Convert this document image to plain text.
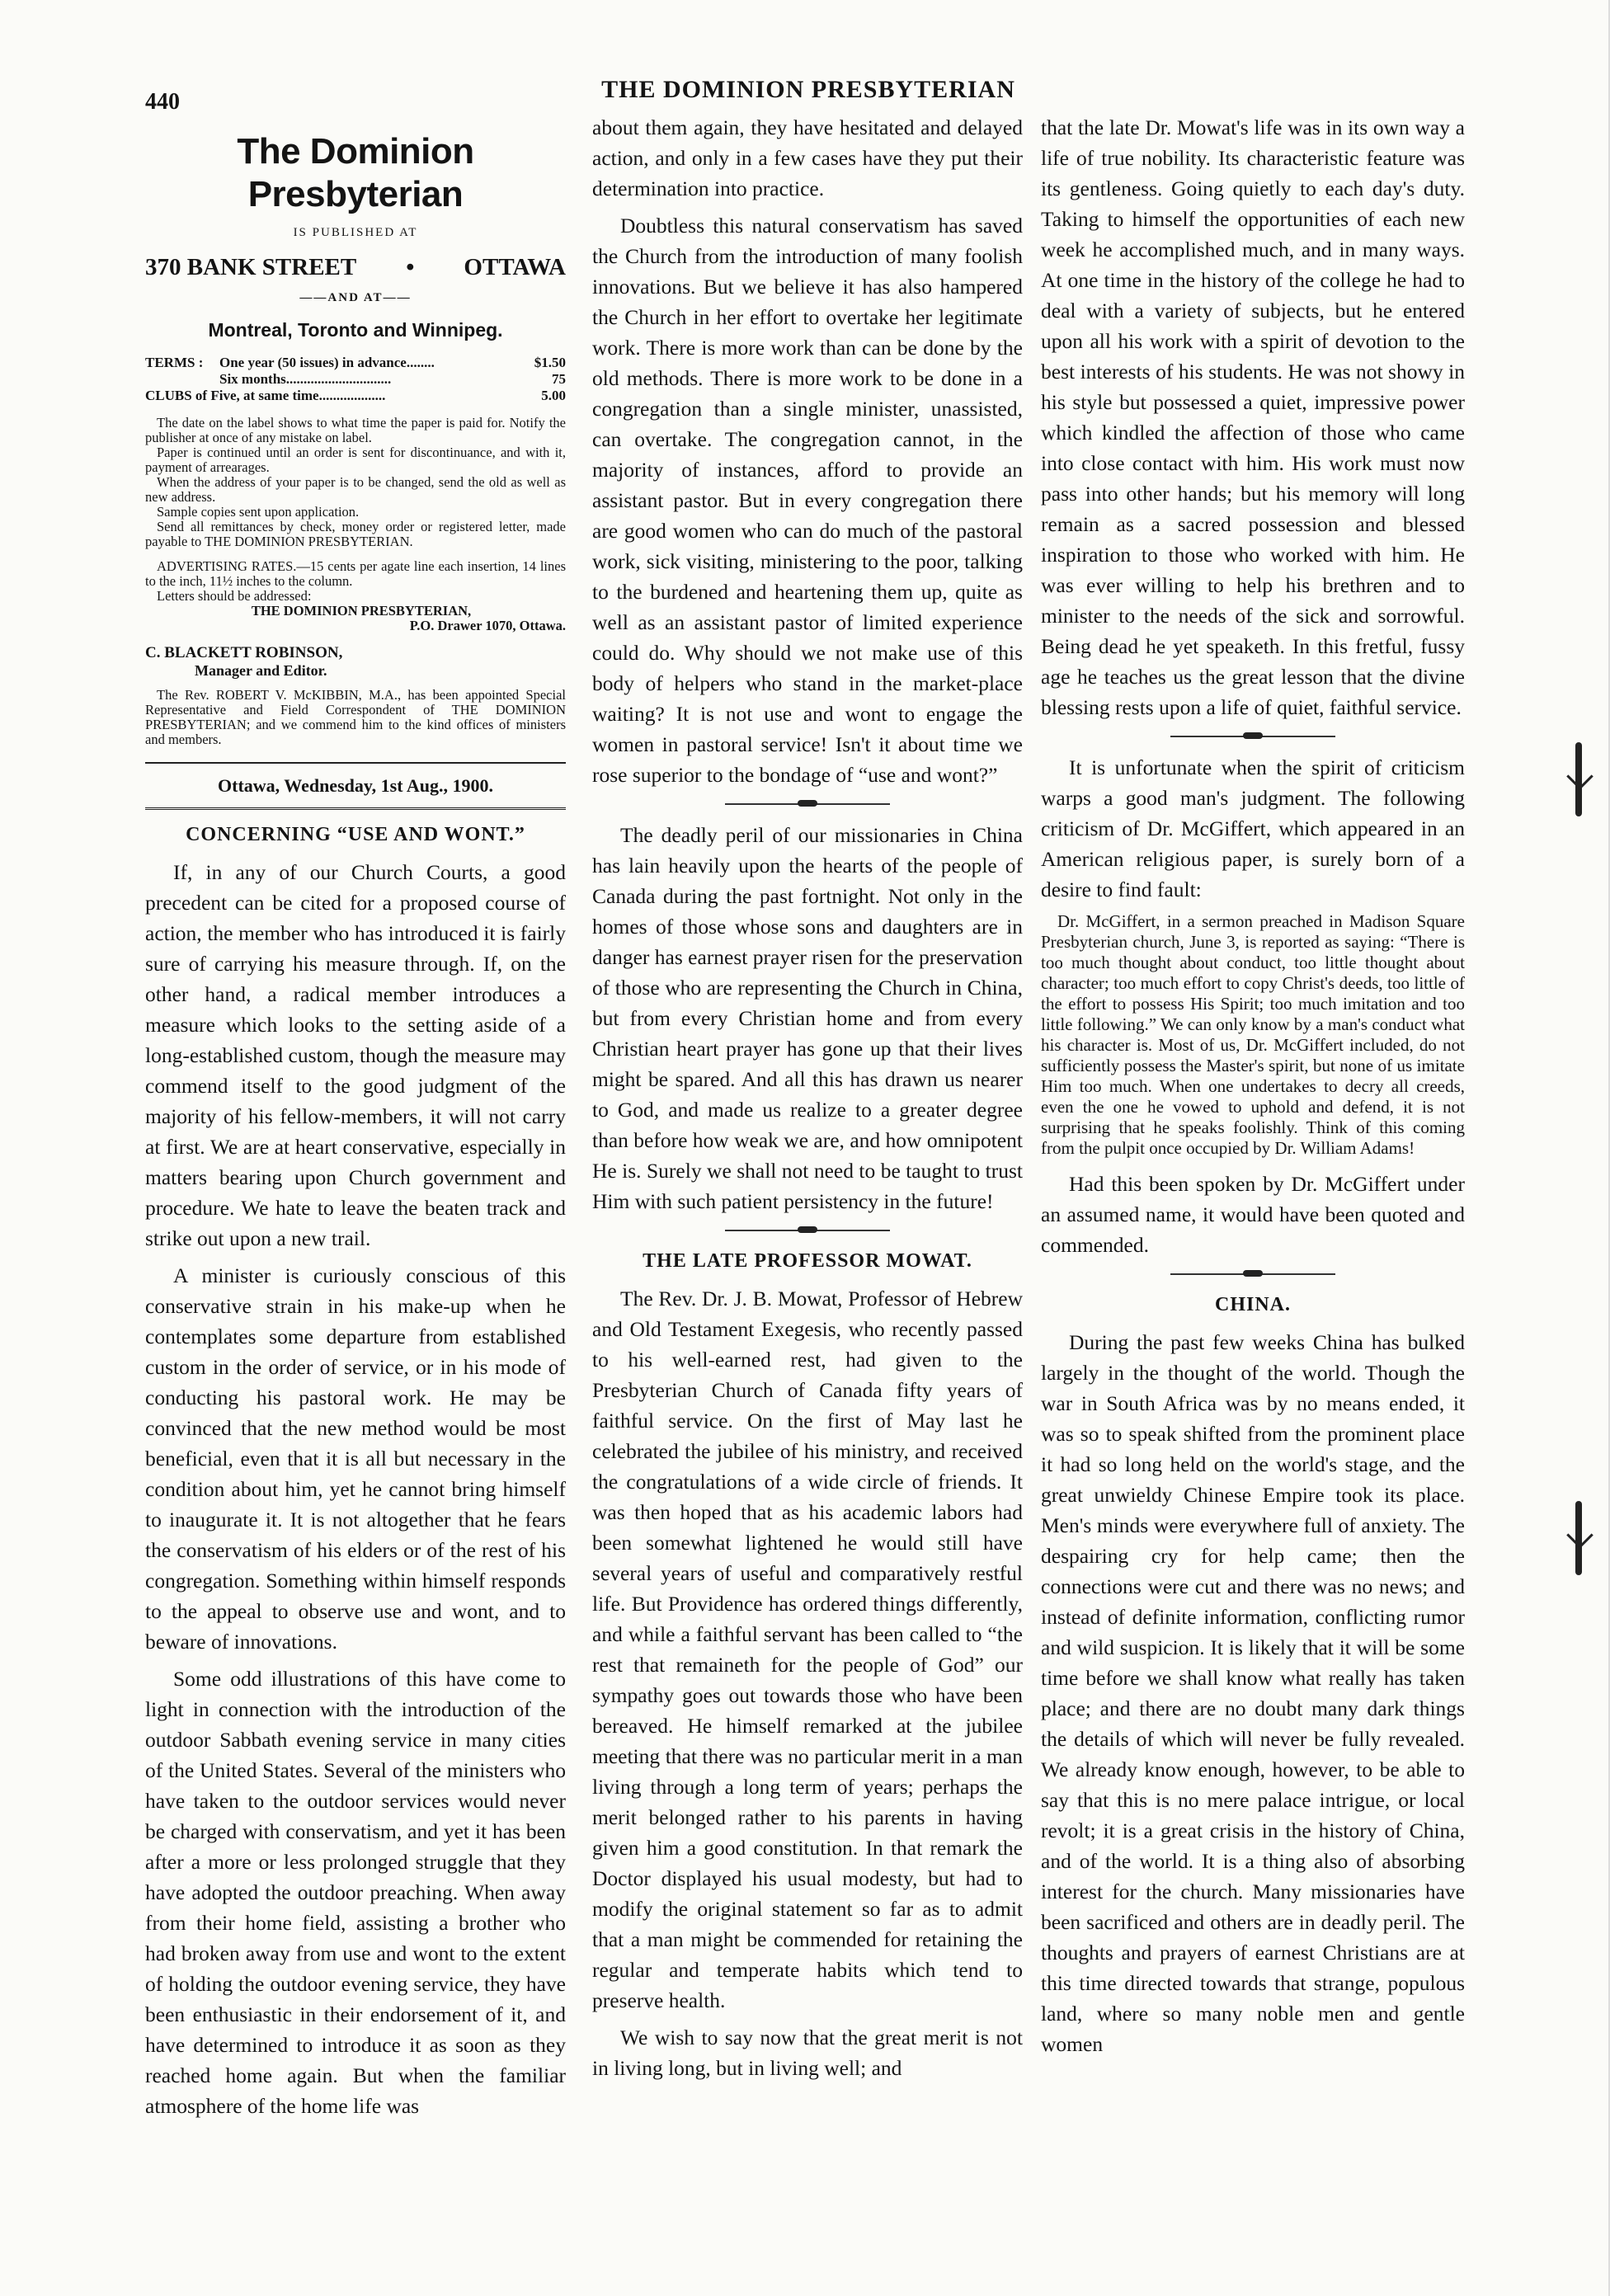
THE DOMINION PRESBYTERIAN
440
The Dominion Presbyterian
IS PUBLISHED AT
370 BANK STREET • OTTAWA
——AND AT——
Montreal, Toronto and Winnipeg.
TERMS :	One year (50 issues) in advance........	$1.50
Six months..............................	75
CLUBS of Five, at same time...................	5.00

The date on the label shows to what time the paper is paid for. Notify the publisher at once of any mistake on label.

Paper is continued until an order is sent for discontinuance, and with it, payment of arrearages.

When the address of your paper is to be changed, send the old as well as new address.

Sample copies sent upon application.

Send all remittances by check, money order or registered letter, made payable to THE DOMINION PRESBYTERIAN.

ADVERTISING RATES.—15 cents per agate line each insertion, 14 lines to the inch, 11½ inches to the column.

Letters should be addressed:

THE DOMINION PRESBYTERIAN,

P.O. Drawer 1070, Ottawa.

C. BLACKETT ROBINSON,

Manager and Editor.

The Rev. ROBERT V. McKIBBIN, M.A., has been appointed Special Representative and Field Correspondent of THE DOMINION PRESBYTERIAN; and we commend him to the kind offices of ministers and members.

Ottawa, Wednesday, 1st Aug., 1900.
CONCERNING “USE AND WONT.”

If, in any of our Church Courts, a good precedent can be cited for a proposed course of action, the member who has introduced it is fairly sure of carrying his measure through. If, on the other hand, a radical member introduces a measure which looks to the setting aside of a long-established custom, though the measure may commend itself to the good judgment of the majority of his fellow-members, it will not carry at first. We are at heart conservative, especially in matters bearing upon Church government and procedure. We hate to leave the beaten track and strike out upon a new trail.

A minister is curiously conscious of this conservative strain in his make-up when he contemplates some departure from established custom in the order of service, or in his mode of conducting his pastoral work. He may be convinced that the new method would be most beneficial, even that it is all but necessary in the condition about him, yet he cannot bring himself to inaugurate it. It is not altogether that he fears the conservatism of his elders or of the rest of his congregation. Something within himself responds to the appeal to observe use and wont, and to beware of innovations.

Some odd illustrations of this have come to light in connection with the introduction of the outdoor Sabbath evening service in many cities of the United States. Several of the ministers who have taken to the outdoor services would never be charged with conservatism, and yet it has been after a more or less prolonged struggle that they have adopted the outdoor preaching. When away from their home field, assisting a brother who had broken away from use and wont to the extent of holding the outdoor evening service, they have been enthusiastic in their endorsement of it, and have determined to introduce it as soon as they reached home again. But when the familiar atmosphere of the home life was

about them again, they have hesitated and delayed action, and only in a few cases have they put their determination into practice.

Doubtless this natural conservatism has saved the Church from the introduction of many foolish innovations. But we believe it has also hampered the Church in her effort to overtake her legitimate work. There is more work than can be done by the old methods. There is more work to be done in a congregation than a single minister, unassisted, can overtake. The congregation cannot, in the majority of instances, afford to provide an assistant pastor. But in every congregation there are good women who can do much of the pastoral work, sick visiting, ministering to the poor, talking to the burdened and heartening them up, quite as well as an assistant pastor of limited experience could do. Why should we not make use of this body of helpers who stand in the market-place waiting? It is not use and wont to engage the women in pastoral service! Isn't it about time we rose superior to the bondage of “use and wont?”

The deadly peril of our missionaries in China has lain heavily upon the hearts of the people of Canada during the past fortnight. Not only in the homes of those whose sons and daughters are in danger has earnest prayer risen for the preservation of those who are representing the Church in China, but from every Christian home and from every Christian heart prayer has gone up that their lives might be spared. And all this has drawn us nearer to God, and made us realize to a greater degree than before how weak we are, and how omnipotent He is. Surely we shall not need to be taught to trust Him with such patient persistency in the future!

THE LATE PROFESSOR MOWAT.

The Rev. Dr. J. B. Mowat, Professor of Hebrew and Old Testament Exegesis, who recently passed to his well-earned rest, had given to the Presbyterian Church of Canada fifty years of faithful service. On the first of May last he celebrated the jubilee of his ministry, and received the congratulations of a wide circle of friends. It was then hoped that as his academic labors had been somewhat lightened he would still have several years of useful and comparatively restful life. But Providence has ordered things differently, and while a faithful servant has been called to “the rest that remaineth for the people of God” our sympathy goes out towards those who have been bereaved. He himself remarked at the jubilee meeting that there was no particular merit in a man living through a long term of years; perhaps the merit belonged rather to his parents in having given him a good constitution. In that remark the Doctor displayed his usual modesty, but had to modify the original statement so far as to admit that a man might be commended for retaining the regular and temperate habits which tend to preserve health.

We wish to say now that the great merit is not in living long, but in living well; and

that the late Dr. Mowat's life was in its own way a life of true nobility. Its characteristic feature was its gentleness. Going quietly to each day's duty. Taking to himself the opportunities of each new week he accomplished much, and in many ways. At one time in the history of the college he had to deal with a variety of subjects, but he entered upon all his work with a spirit of devotion to the best interests of his students. He was not showy in his style but possessed a quiet, impressive power which kindled the affection of those who came into close contact with him. His work must now pass into other hands; but his memory will long remain as a sacred possession and blessed inspiration to those who worked with him. He was ever willing to help his brethren and to minister to the needs of the sick and sorrowful. Being dead he yet speaketh. In this fretful, fussy age he teaches us the great lesson that the divine blessing rests upon a life of quiet, faithful service.

It is unfortunate when the spirit of criticism warps a good man's judgment. The following criticism of Dr. McGiffert, which appeared in an American religious paper, is surely born of a desire to find fault:

Dr. McGiffert, in a sermon preached in Madison Square Presbyterian church, June 3, is reported as saying: “There is too much thought about conduct, too little thought about character; too much effort to copy Christ's deeds, too little of the effort to possess His Spirit; too much imitation and too little following.” We can only know by a man's conduct what his character is. Most of us, Dr. McGiffert included, do not sufficiently possess the Master's spirit, but none of us imitate Him too much. When one undertakes to decry all creeds, even the one he vowed to uphold and defend, it is not surprising that he speaks foolishly. Think of this coming from the pulpit once occupied by Dr. William Adams!

Had this been spoken by Dr. McGiffert under an assumed name, it would have been quoted and commended.

CHINA.

During the past few weeks China has bulked largely in the thought of the world. Though the war in South Africa was by no means ended, it was so to speak shifted from the prominent place it had so long held on the world's stage, and the great unwieldy Chinese Empire took its place. Men's minds were everywhere full of anxiety. The despairing cry for help came; then the connections were cut and there was no news; and instead of definite information, conflicting rumor and wild suspicion. It is likely that it will be some time before we shall know what really has taken place; and there are no doubt many dark things the details of which will never be fully revealed. We already know enough, however, to be able to say that this is no mere palace intrigue, or local revolt; it is a great crisis in the history of China, and of the world. It is a thing also of absorbing interest for the church. Many missionaries have been sacrificed and others are in deadly peril. The thoughts and prayers of earnest Christians are at this time directed towards that strange, populous land, where so many noble men and gentle women
